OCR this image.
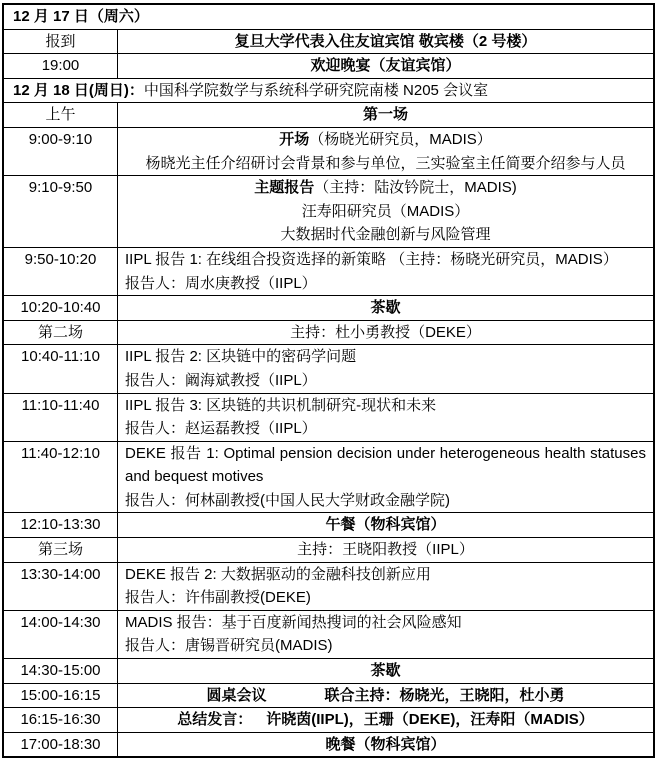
12 月 17 日（周六）
报到	复旦大学代表入住友谊宾馆 敬宾楼（2 号楼）
19:00	欢迎晚宴（友谊宾馆）
12 月 18 日(周日)：中国科学院数学与系统科学研究院南楼 N205 会议室
上午	第一场
9:00-9:10	开场（杨晓光研究员，MADIS）
杨晓光主任介绍研讨会背景和参与单位，三实验室主任简要介绍参与人员
9:10-9:50	主题报告（主持：陆汝钤院士，MADIS)
汪寿阳研究员（MADIS）
大数据时代金融创新与风险管理
9:50-10:20	IIPL 报告 1: 在线组合投资选择的新策略 （主持：杨晓光研究员，MADIS）
报告人：周水庚教授（IIPL）
10:20-10:40	茶歇
第二场	主持：杜小勇教授（DEKE）
10:40-11:10	IIPL 报告 2: 区块链中的密码学问题
报告人：阚海斌教授（IIPL）
11:10-11:40	IIPL 报告 3: 区块链的共识机制研究-现状和未来
报告人：赵运磊教授（IIPL）
11:40-12:10	DEKE 报告 1: Optimal pension decision under heterogeneous health statuses and bequest motives
报告人：何林副教授(中国人民大学财政金融学院)
12:10-13:30	午餐（物科宾馆）
第三场	主持：王晓阳教授（IIPL）
13:30-14:00	DEKE 报告 2: 大数据驱动的金融科技创新应用
报告人：许伟副教授(DEKE)
14:00-14:30	MADIS 报告：基于百度新闻热搜词的社会风险感知
报告人：唐锡晋研究员(MADIS)
14:30-15:00	茶歇
15:00-16:15	圆桌会议	联合主持：杨晓光，王晓阳，杜小勇
16:15-16:30	总结发言： 许晓茵(IIPL)，王珊（DEKE)，汪寿阳（MADIS）
17:00-18:30	晚餐（物科宾馆）
